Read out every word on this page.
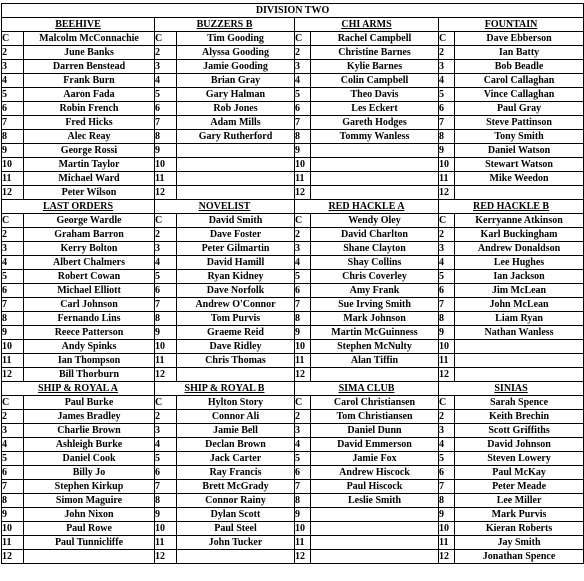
DIVISION TWO							
BEEHIVE		BUZZERS B		CHI ARMS		FOUNTAIN	
C	Malcolm McConnachie	C	Tim Gooding	C	Rachel Campbell	C	Dave Ebberson
2	June Banks	2	Alyssa Gooding	2	Christine Barnes	2	Ian Batty
3	Darren Benstead	3	Jamie Gooding	3	Kylie Barnes	3	Bob Beadle
4	Frank Burn	4	Brian Gray	4	Colin Campbell	4	Carol Callaghan
5	Aaron Fada	5	Gary Halman	5	Theo Davis	5	Vince Callaghan
6	Robin French	6	Rob Jones	6	Les Eckert	6	Paul Gray
7	Fred Hicks	7	Adam Mills	7	Gareth Hodges	7	Steve Pattinson
8	Alec Reay	8	Gary Rutherford	8	Tommy Wanless	8	Tony Smith
9	George Rossi	9		9		9	Daniel Watson
10	Martin Taylor	10		10		10	Stewart Watson
11	Michael Ward	11		11		11	Mike Weedon
12	Peter Wilson	12		12		12	
LAST ORDERS		NOVELIST		RED HACKLE A		RED HACKLE B	
C	George Wardle	C	David Smith	C	Wendy Oley	C	Kerryanne Atkinson
2	Graham Barron	2	Dave Foster	2	David Charlton	2	Karl Buckingham
3	Kerry Bolton	3	Peter Gilmartin	3	Shane Clayton	3	Andrew Donaldson
4	Albert Chalmers	4	David Hamill	4	Shay Collins	4	Lee Hughes
5	Robert Cowan	5	Ryan Kidney	5	Chris Coverley	5	Ian Jackson
6	Michael Elliott	6	Dave Norfolk	6	Amy Frank	6	Jim McLean
7	Carl Johnson	7	Andrew O'Connor	7	Sue Irving Smith	7	John McLean
8	Fernando Lins	8	Tom Purvis	8	Mark Johnson	8	Liam Ryan
9	Reece Patterson	9	Graeme Reid	9	Martin McGuinness	9	Nathan Wanless
10	Andy Spinks	10	Dave Ridley	10	Stephen McNulty	10	
11	Ian Thompson	11	Chris Thomas	11	Alan Tiffin	11	
12	Bill Thorburn	12		12		12	
SHIP & ROYAL A		SHIP & ROYAL B		SIMA CLUB		SINIAS	
C	Paul Burke	C	Hylton Story	C	Carol Christiansen	C	Sarah Spence
2	James Bradley	2	Connor Ali	2	Tom Christiansen	2	Keith Brechin
3	Charlie Brown	3	Jamie Bell	3	Daniel Dunn	3	Scott Griffiths
4	Ashleigh Burke	4	Declan Brown	4	David Emmerson	4	David Johnson
5	Daniel Cook	5	Jack Carter	5	Jamie Fox	5	Steven Lowery
6	Billy Jo	6	Ray Francis	6	Andrew Hiscock	6	Paul McKay
7	Stephen Kirkup	7	Brett McGrady	7	Paul Hiscock	7	Peter Meade
8	Simon Maguire	8	Connor Rainy	8	Leslie Smith	8	Lee Miller
9	John Nixon	9	Dylan Scott	9		9	Mark Purvis
10	Paul Rowe	10	Paul Steel	10		10	Kieran Roberts
11	Paul Tunnicliffe	11	John Tucker	11		11	Jay Smith
12		12		12		12	Jonathan Spence
